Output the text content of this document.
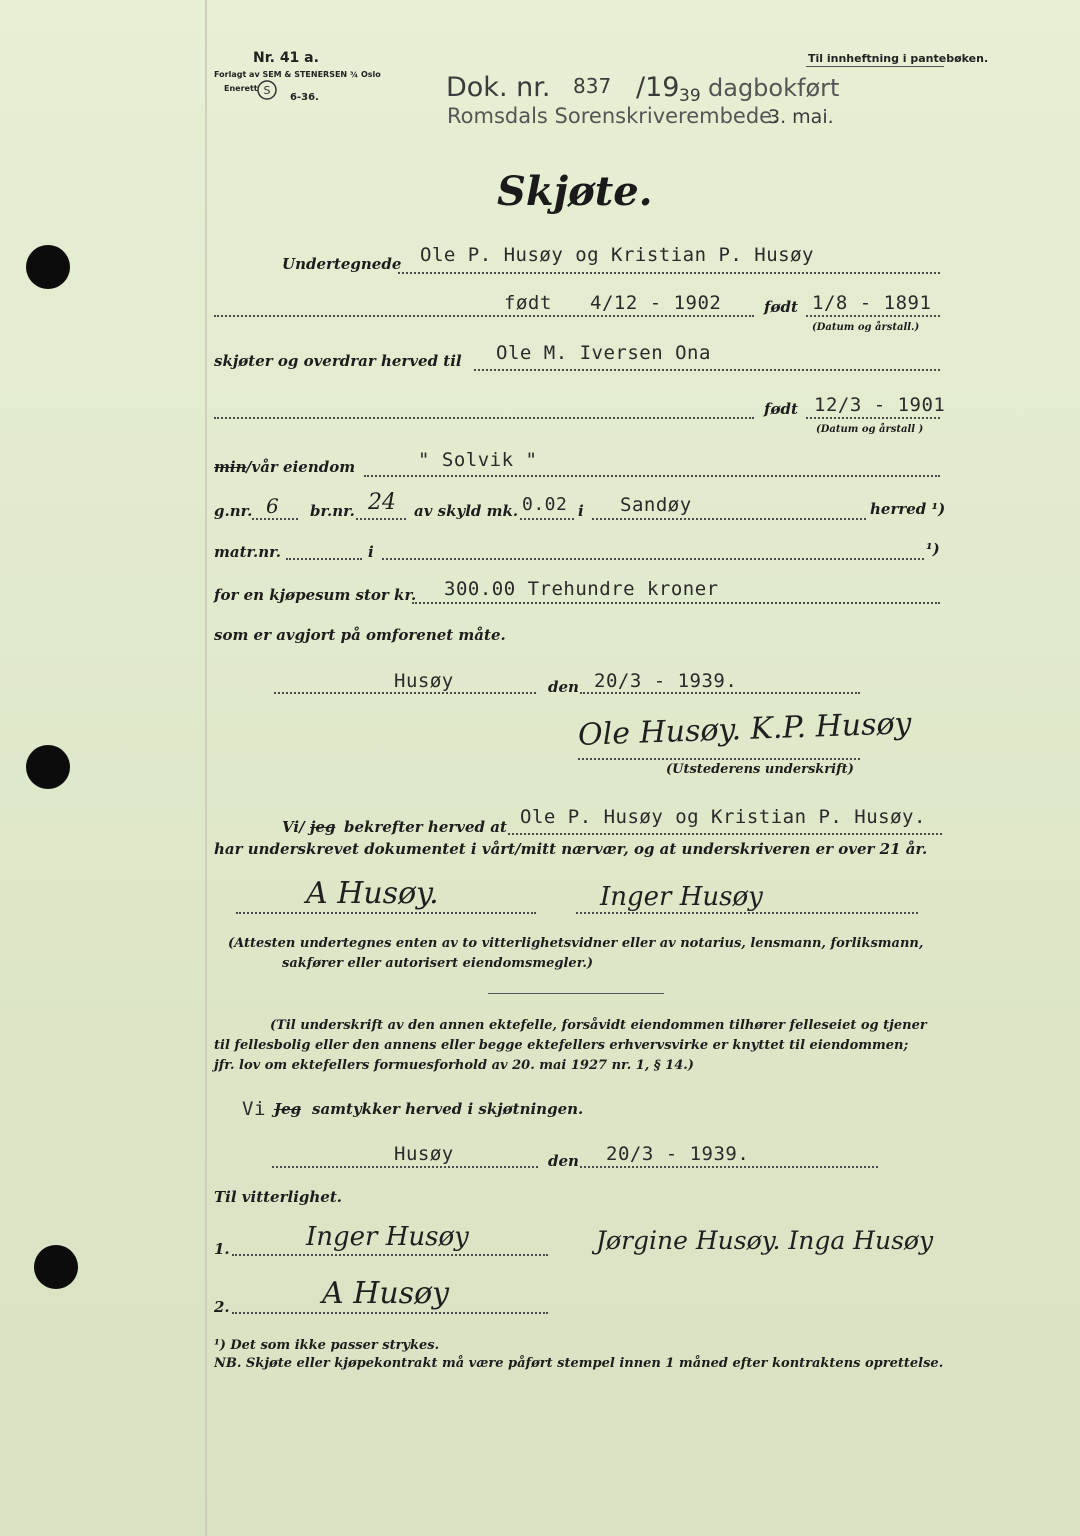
Nr. 41 a.
Forlagt av SEM & STENERSEN ¾ Oslo
Enerett S
6-36.
Til innheftning i pantebøken.
Dok. nr. 837 /19 39 dagbokført
Romsdals Sorenskriverembede.
3. mai.
Skjøte.
Undertegnede Ole P. Husøy og Kristian P. Husøy
født 4/12 - 1902	født 1/8 - 1891
(Datum og årstall.)
skjøter og overdrar herved til Ole M. Iversen Ona
født 12/3 - 1901
(Datum og årstall )
min /vår eiendom	" Solvik "
g.nr. 6 br.nr. 24 av skyld mk. 0.02 i Sandøy	herred ¹)
matr.nr.	i	¹)
for en kjøpesum stor kr. 300.00 Trehundre kroner
som er avgjort på omforenet måte.
Husøy	den 20/3 - 1939.
Ole Husøy. K.P. Husøy
(Utstederens underskrift)
Vi/ jeg bekrefter herved at Ole P. Husøy og Kristian P. Husøy.
har underskrevet dokumentet i vårt/mitt nærvær, og at underskriveren er over 21 år.
A Husøy.	Inger Husøy
(Attesten undertegnes enten av to vitterlighetsvidner eller av notarius, lensmann, forliksmann,
sakfører eller autorisert eiendomsmegler.)
(Til underskrift av den annen ektefelle, forsåvidt eiendommen tilhører felleseiet og tjener
til fellesbolig eller den annens eller begge ektefellers erhvervsvirke er knyttet til eiendommen;
jfr. lov om ektefellers formuesforhold av 20. mai 1927 nr. 1, § 14.)
Vi Jeg samtykker herved i skjøtningen.
Husøy	den 20/3 - 1939.
Til vitterlighet.
1.	Inger Husøy	Jørgine Husøy. Inga Husøy
2.	A Husøy
¹) Det som ikke passer strykes.
NB. Skjøte eller kjøpekontrakt må være påført stempel innen 1 måned efter kontraktens oprettelse.
